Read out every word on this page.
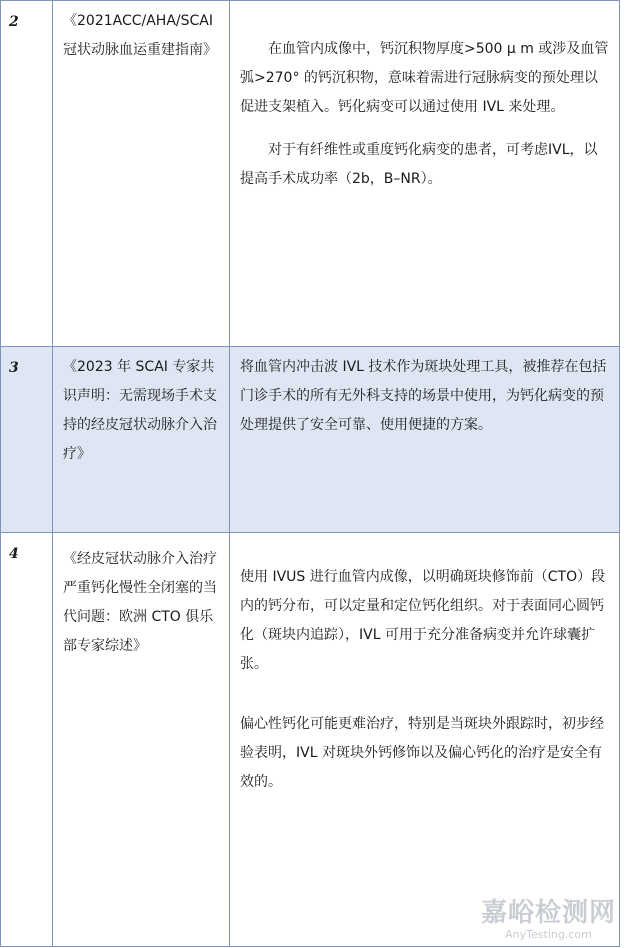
2	《2021ACC/AHA/SCAI冠状动脉血运重建指南》	在血管内成像中，钙沉积物厚度>500 μ m 或涉及血管弧>270° 的钙沉积物，意味着需进行冠脉病变的预处理以促进支架植入。钙化病变可以通过使用 IVL 来处理。

对于有纤维性或重度钙化病变的患者，可考虑IVL，以提高手术成功率（2b，B–NR）。

3	《2023 年 SCAI 专家共识声明：无需现场手术支持的经皮冠状动脉介入治疗》	将血管内冲击波 IVL 技术作为斑块处理工具，被推荐在包括门诊手术的所有无外科支持的场景中使用，为钙化病变的预处理提供了安全可靠、使用便捷的方案。

4	《经皮冠状动脉介入治疗严重钙化慢性全闭塞的当代问题：欧洲 CTO 俱乐部专家综述》	使用 IVUS 进行血管内成像，以明确斑块修饰前（CTO）段内的钙分布，可以定量和定位钙化组织。对于表面同心圆钙化（斑块内追踪），IVL 可用于充分准备病变并允许球囊扩张。

偏心性钙化可能更难治疗，特别是当斑块外跟踪时，初步经验表明，IVL 对斑块外钙修饰以及偏心钙化的治疗是安全有效的。

嘉峪检测网
AnyTesting.com
